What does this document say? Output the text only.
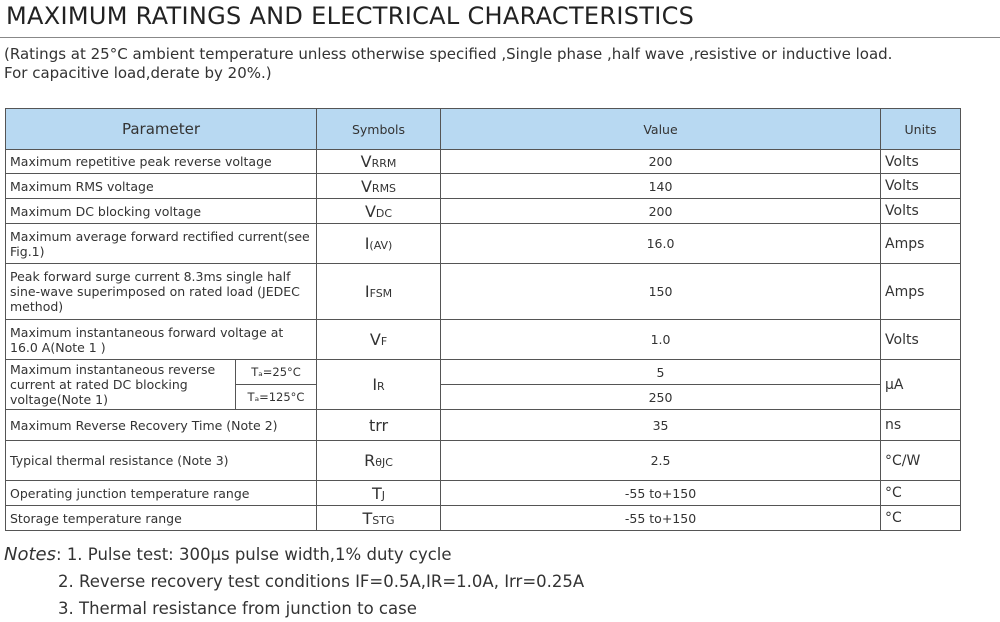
MAXIMUM RATINGS AND ELECTRICAL CHARACTERISTICS
(Ratings at 25°C ambient temperature unless otherwise specified ,Single phase ,half wave ,resistive or inductive load. For capacitive load,derate by 20%.)
Parameter		Symbols	Value	Units
Maximum repetitive peak reverse voltage		VRRM	200	Volts
Maximum RMS voltage		VRMS	140	Volts
Maximum DC blocking voltage		VDC	200	Volts
Maximum average forward rectified current(see Fig.1)		I(AV)	16.0	Amps
Peak forward surge current 8.3ms single half sine-wave superimposed on rated load (JEDEC method)		IFSM	150	Amps
Maximum instantaneous forward voltage at 16.0 A(Note 1 )		VF	1.0	Volts
Maximum instantaneous reverse current at rated DC blocking voltage(Note 1)	Tₐ=25°C	IR	5	μA
	Tₐ=125°C		250	
Maximum Reverse Recovery Time (Note 2)		trr	35	ns
Typical thermal resistance (Note 3)		RθJC	2.5	°C/W
Operating junction temperature range		TJ	-55 to+150	°C
Storage temperature range		TSTG	-55 to+150	°C
Notes: 1. Pulse test: 300μs pulse width,1% duty cycle
2. Reverse recovery test conditions IF=0.5A,IR=1.0A, Irr=0.25A
3. Thermal resistance from junction to case
